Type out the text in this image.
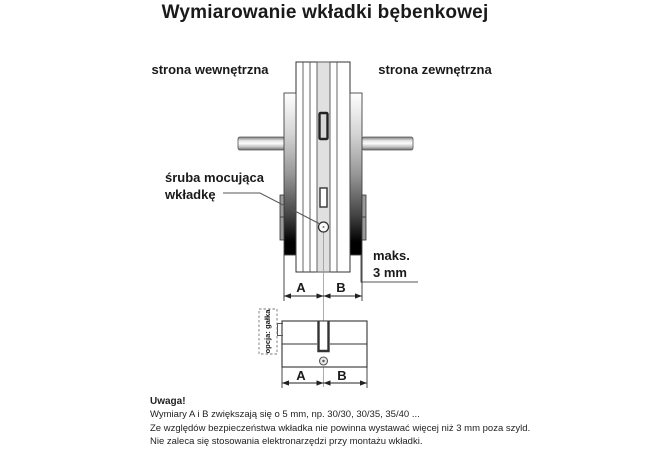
Wymiarowanie wkładki bębenkowej
opcja: gałka
strona wewnętrzna	strona zewnętrzna
śruba mocująca
wkładkę
maks.
3 mm
A B
A B
Uwaga!
Wymiary A i B zwiększają się o 5 mm, np. 30/30, 30/35, 35/40 ...
Ze względów bezpieczeństwa wkładka nie powinna wystawać więcej niż 3 mm poza szyld.
Nie zaleca się stosowania elektronarzędzi przy montażu wkładki.
